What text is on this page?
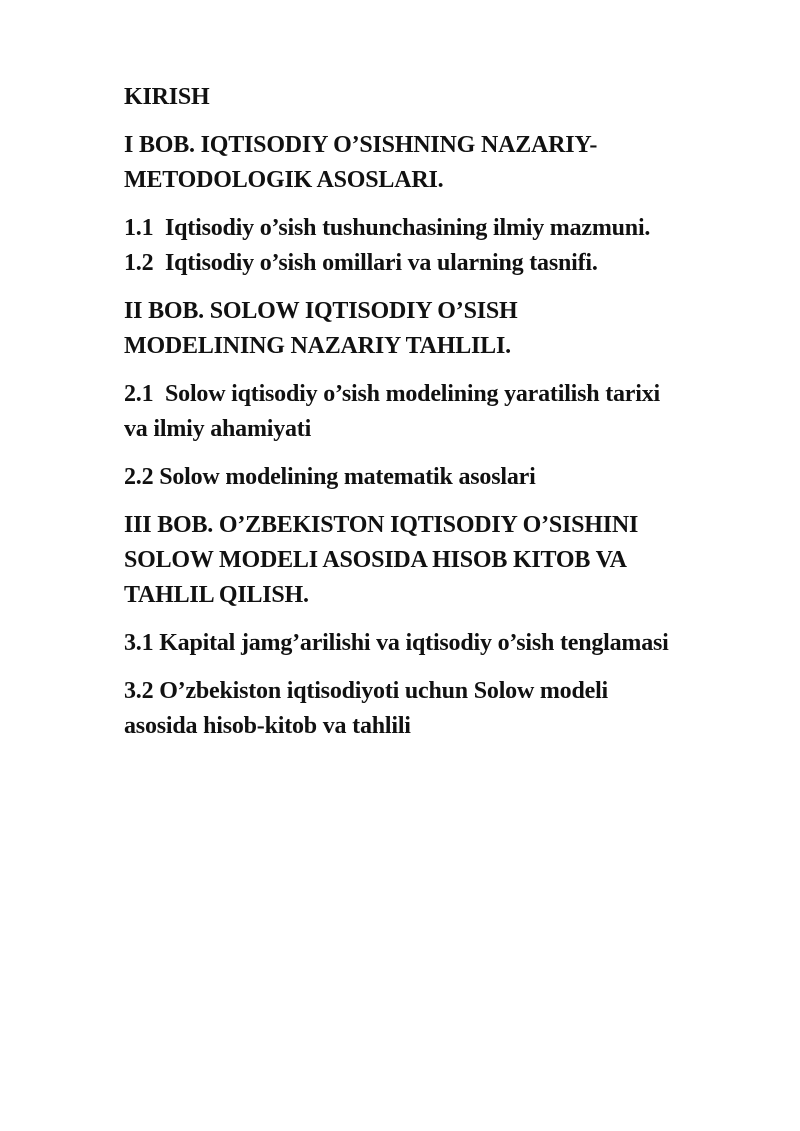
KIRISH

I BOB. IQTISODIY O’SISHNING NAZARIY-
METODOLOGIK ASOSLARI.

1.1 Iqtisodiy o’sish tushunchasining ilmiy mazmuni.

1.2 Iqtisodiy o’sish omillari va ularning tasnifi.

II BOB. SOLOW IQTISODIY O’SISH
MODELINING NAZARIY TAHLILI.

2.1 Solow iqtisodiy o’sish modelining yaratilish tarixi
va ilmiy ahamiyati

2.2 Solow modelining matematik asoslari

III BOB. O’ZBEKISTON IQTISODIY O’SISHINI
SOLOW MODELI ASOSIDA HISOB KITOB VA
TAHLIL QILISH.

3.1 Kapital jamg’arilishi va iqtisodiy o’sish tenglamasi

3.2 O’zbekiston iqtisodiyoti uchun Solow modeli
asosida hisob-kitob va tahlili
